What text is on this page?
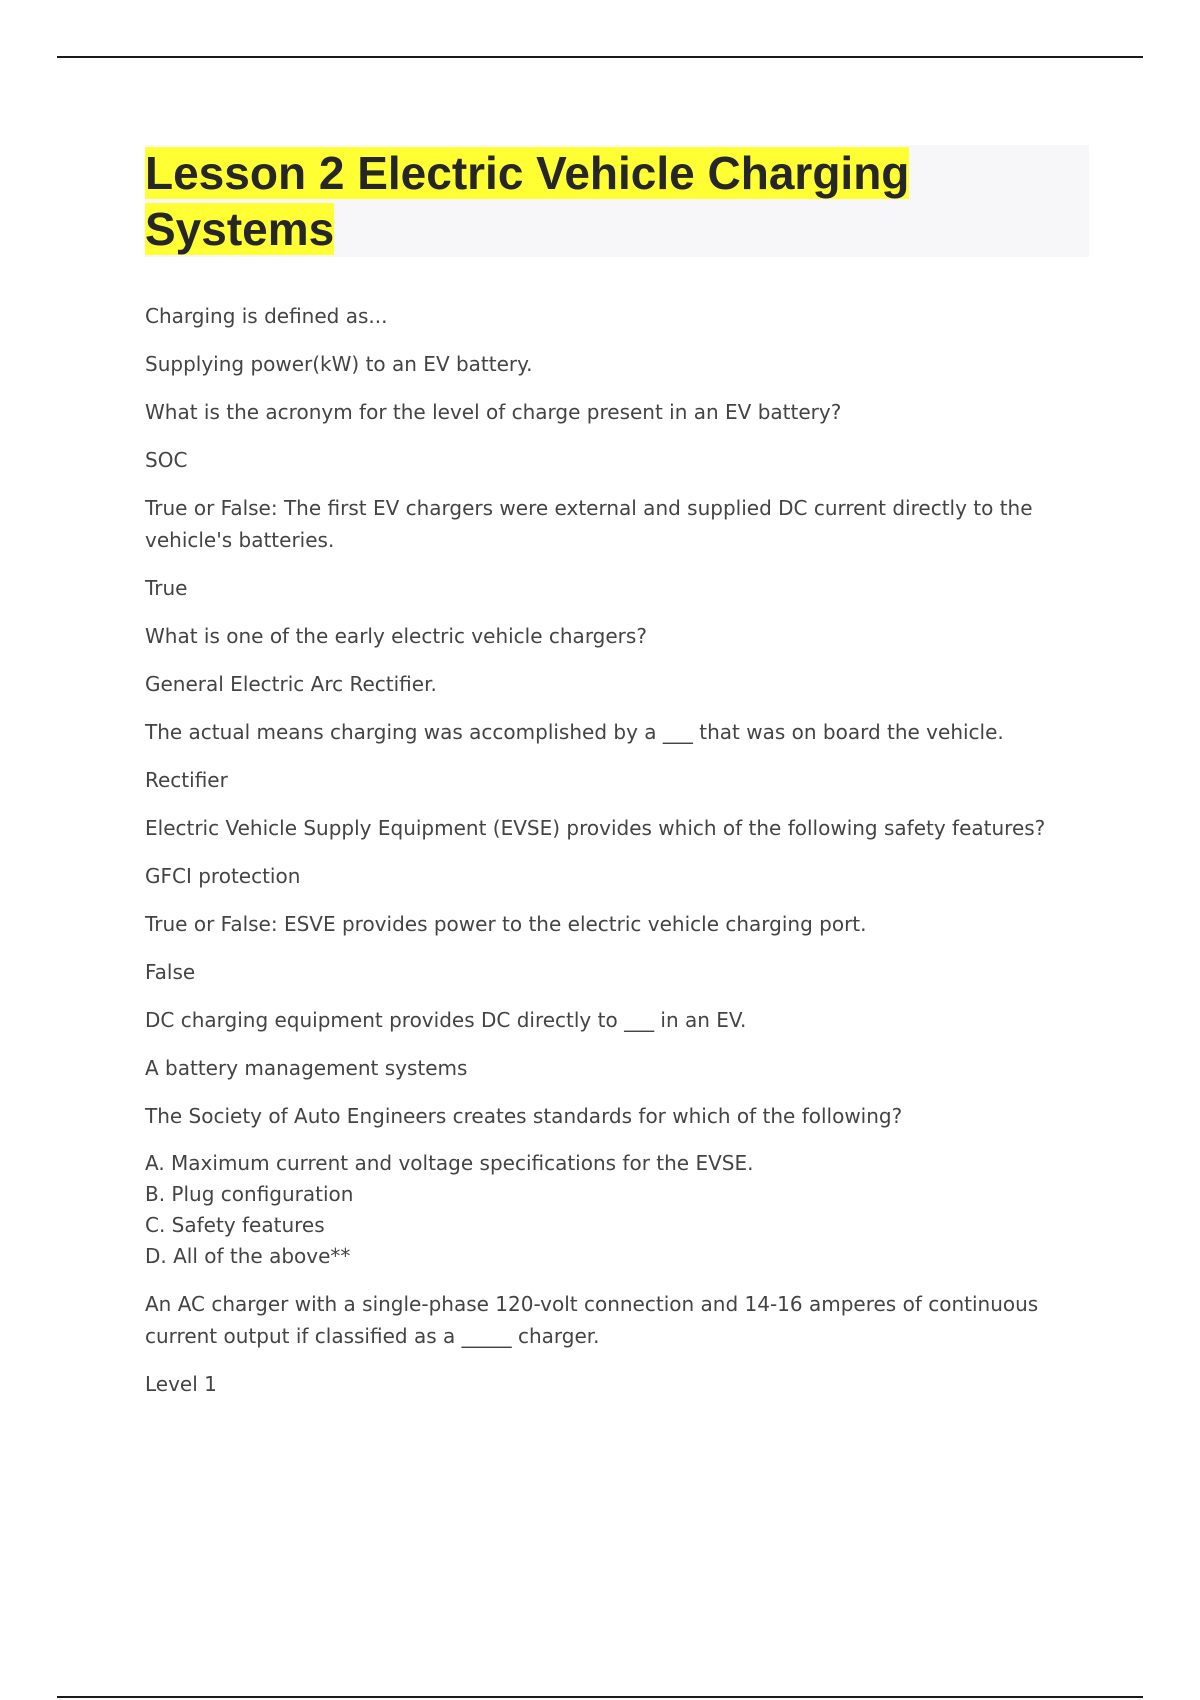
Lesson 2 Electric Vehicle Charging Systems

Charging is defined as...

Supplying power(kW) to an EV battery.

What is the acronym for the level of charge present in an EV battery?

SOC

True or False: The first EV chargers were external and supplied DC current directly to the vehicle's batteries.

True

What is one of the early electric vehicle chargers?

General Electric Arc Rectifier.

The actual means charging was accomplished by a ___ that was on board the vehicle.

Rectifier

Electric Vehicle Supply Equipment (EVSE) provides which of the following safety features?

GFCI protection

True or False: ESVE provides power to the electric vehicle charging port.

False

DC charging equipment provides DC directly to ___ in an EV.

A battery management systems

The Society of Auto Engineers creates standards for which of the following?

A. Maximum current and voltage specifications for the EVSE.

B. Plug configuration

C. Safety features

D. All of the above**

An AC charger with a single-phase 120-volt connection and 14-16 amperes of continuous current output if classified as a _____ charger.

Level 1
